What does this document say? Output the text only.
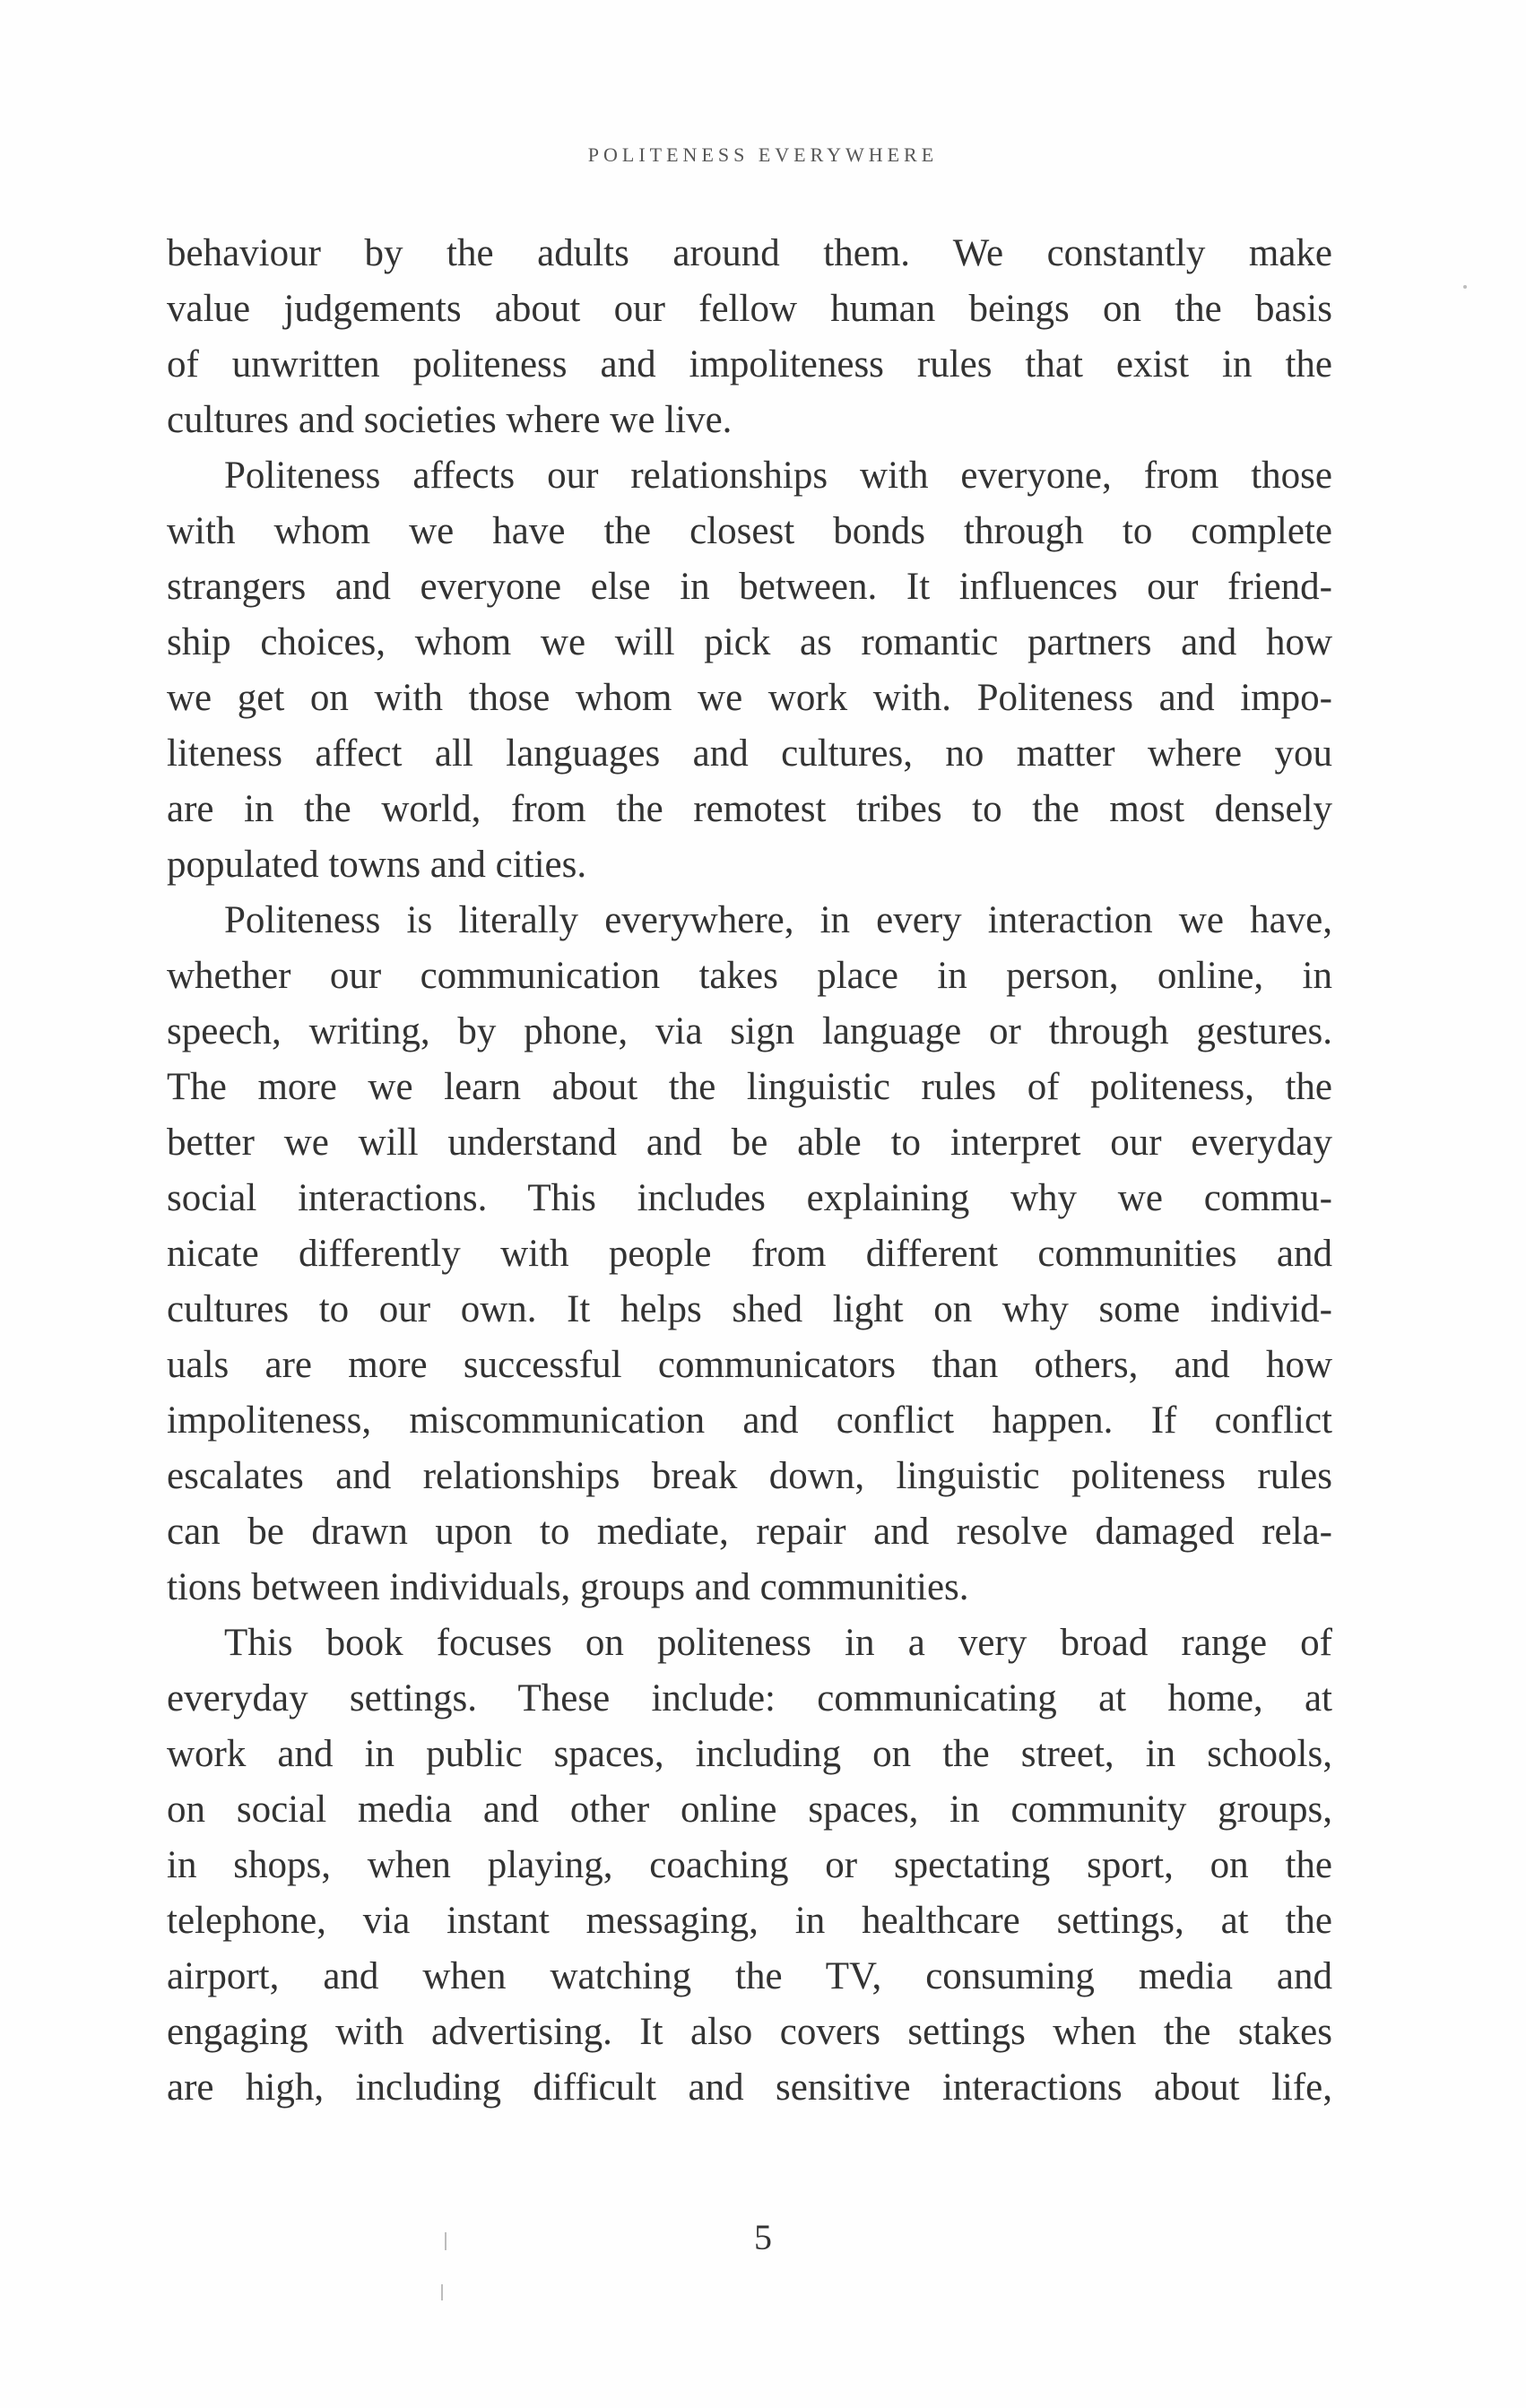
POLITENESS EVERYWHERE
behaviour by the adults around them. We constantly make
value judgements about our fellow human beings on the basis
of unwritten politeness and impoliteness rules that exist in the
cultures and societies where we live.
Politeness affects our relationships with everyone, from those
with whom we have the closest bonds through to complete
strangers and everyone else in between. It influences our friend-
ship choices, whom we will pick as romantic partners and how
we get on with those whom we work with. Politeness and impo-
liteness affect all languages and cultures, no matter where you
are in the world, from the remotest tribes to the most densely
populated towns and cities.
Politeness is literally everywhere, in every interaction we have,
whether our communication takes place in person, online, in
speech, writing, by phone, via sign language or through gestures.
The more we learn about the linguistic rules of politeness, the
better we will understand and be able to interpret our everyday
social interactions. This includes explaining why we commu-
nicate differently with people from different communities and
cultures to our own. It helps shed light on why some individ-
uals are more successful communicators than others, and how
impoliteness, miscommunication and conflict happen. If conflict
escalates and relationships break down, linguistic politeness rules
can be drawn upon to mediate, repair and resolve damaged rela-
tions between individuals, groups and communities.
This book focuses on politeness in a very broad range of
everyday settings. These include: communicating at home, at
work and in public spaces, including on the street, in schools,
on social media and other online spaces, in community groups,
in shops, when playing, coaching or spectating sport, on the
telephone, via instant messaging, in healthcare settings, at the
airport, and when watching the TV, consuming media and
engaging with advertising. It also covers settings when the stakes
are high, including difficult and sensitive interactions about life,
5
